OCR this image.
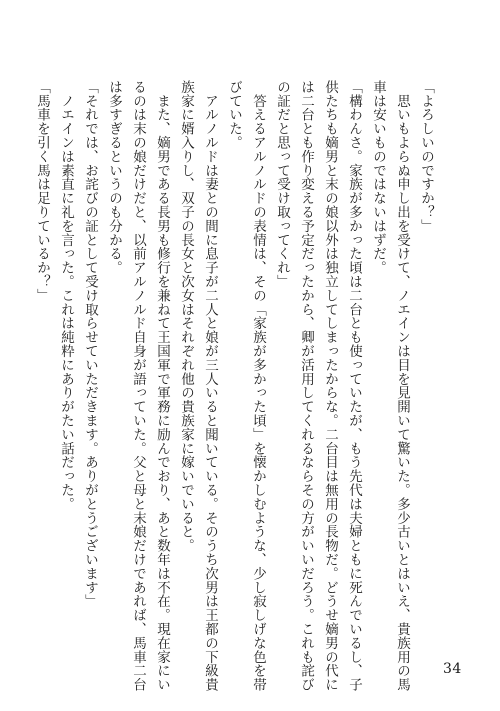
「よろしいのですか？」
　思いもよらぬ申し出を受けて、ノエインは目を見開いて驚いた。多少古いとはいえ、貴族用の馬
車は安いものではないはずだ。
「構わんさ。家族が多かった頃は二台とも使っていたが、もう先代は夫婦ともに死んでいるし、子
供たちも嫡男と末の娘以外は独立してしまったからな。二台目は無用の長物だ。どうせ嫡男の代に
は二台とも作り変える予定だったから、卿が活用してくれるならその方がいいだろう。これも詫び
の証だと思って受け取ってくれ」
　答えるアルノルドの表情は、その「家族が多かった頃」を懐かしむような、少し寂しげな色を帯
びていた。
　アルノルドは妻との間に息子が二人と娘が三人いると聞いている。そのうち次男は王都の下級貴
族家に婿入りし、双子の長女と次女はそれぞれ他の貴族家に嫁いでいると。
　また、嫡男である長男も修行を兼ねて王国軍で軍務に励んでおり、あと数年は不在。現在家にい
るのは末の娘だけだと、以前アルノルド自身が語っていた。父と母と末娘だけであれば、馬車二台
は多すぎるというのも分かる。
「それでは、お詫びの証として受け取らせていただきます。ありがとうございます」
　ノエインは素直に礼を言った。これは純粋にありがたい話だった。
「馬車を引く馬は足りているか？」
34
